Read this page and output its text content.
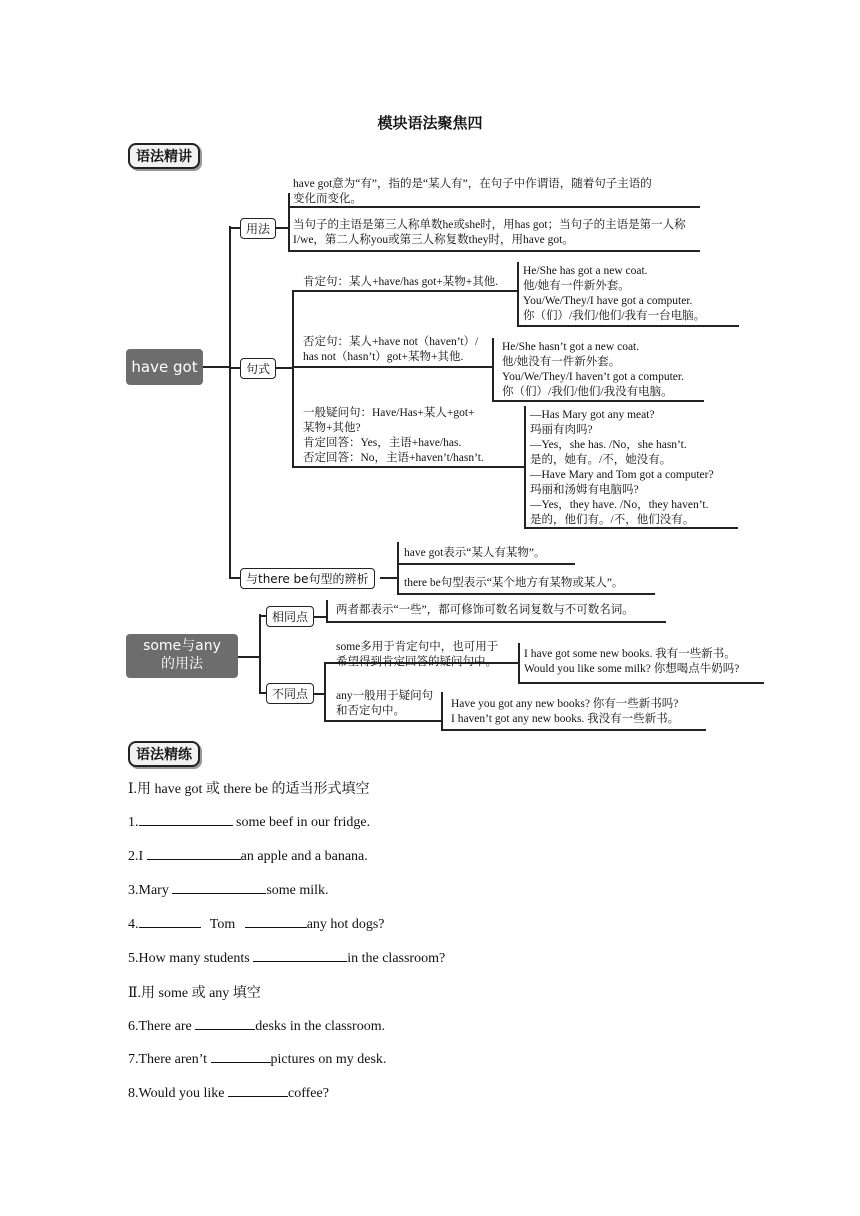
模块语法聚焦四
语法精讲
have got
用法
句式
与there be句型的辨析
have got意为“有”，指的是“某人有”，在句子中作谓语，随着句子主语的
变化而变化。
当句子的主语是第三人称单数he或she时，用has got；当句子的主语是第一人称
I/we，第二人称you或第三人称复数they时，用have got。
肯定句：某人+have/has got+某物+其他.
He/She has got a new coat.
他/她有一件新外套。
You/We/They/I have got a computer.
你（们）/我们/他们/我有一台电脑。
否定句：某人+have not（haven’t）/
has not（hasn’t）got+某物+其他.
He/She hasn’t got a new coat.
他/她没有一件新外套。
You/We/They/I haven’t got a computer.
你（们）/我们/他们/我没有电脑。
一般疑问句：Have/Has+某人+got+
某物+其他?
肯定回答：Yes，主语+have/has.
否定回答：No，主语+haven’t/hasn’t.
—Has Mary got any meat?
玛丽有肉吗?
—Yes，she has. /No，she hasn’t.
是的，她有。/不，她没有。
—Have Mary and Tom got a computer?
玛丽和汤姆有电脑吗?
—Yes，they have. /No，they haven’t.
是的，他们有。/不，他们没有。
have got表示“某人有某物”。
there be句型表示“某个地方有某物或某人”。
some与any
的用法
相同点
不同点
两者都表示“一些”，都可修饰可数名词复数与不可数名词。
some多用于肯定句中，也可用于
希望得到肯定回答的疑问句中。
I have got some new books. 我有一些新书。
Would you like some milk? 你想喝点牛奶吗?
any一般用于疑问句
和否定句中。
Have you got any new books? 你有一些新书吗?
I haven’t got any new books. 我没有一些新书。
语法精练
Ⅰ.用 have got 或 there be 的适当形式填空
1.	some beef in our fridge.
2.I	an apple and a banana.
3.Mary	some milk.
4.	Tom	any hot dogs?
5.How many students	in the classroom?
Ⅱ.用 some 或 any 填空
6.There are	desks in the classroom.
7.There aren’t	pictures on my desk.
8.Would you like	coffee?
